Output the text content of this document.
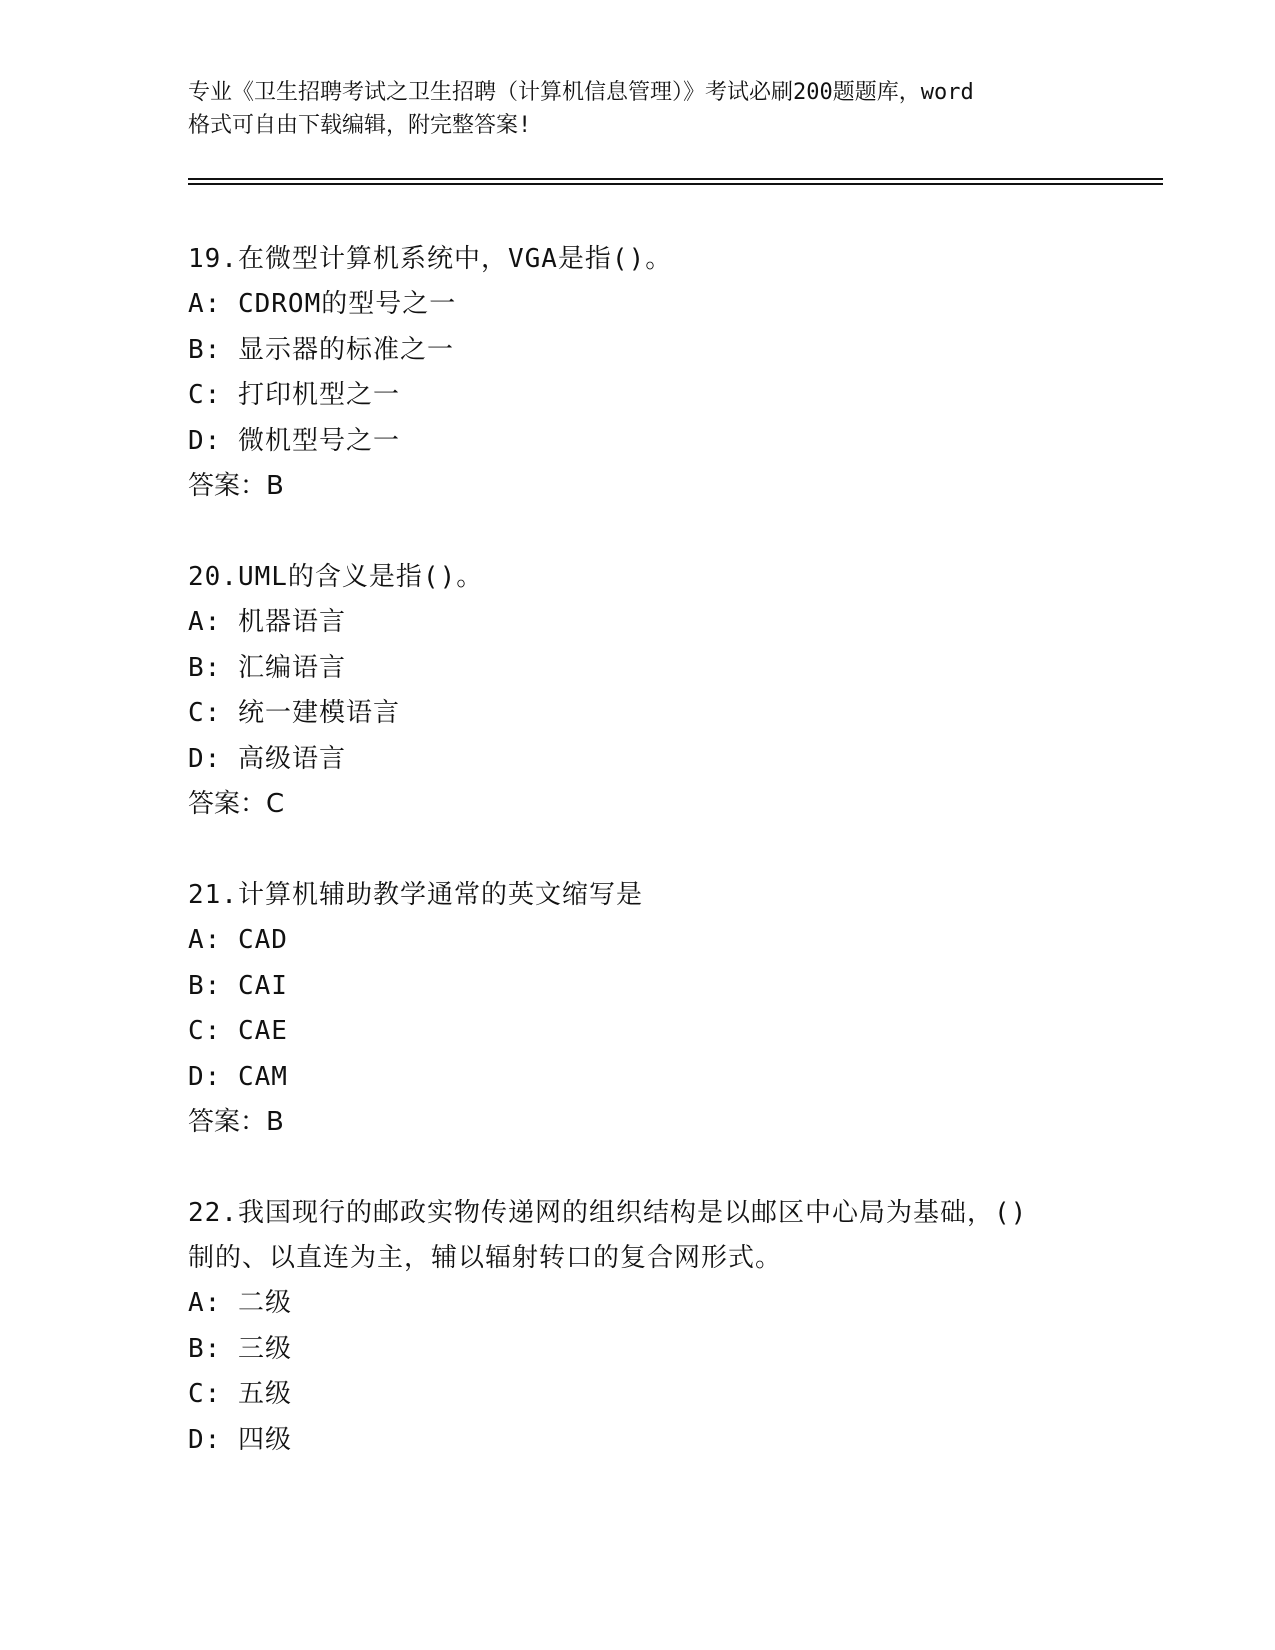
专业《卫生招聘考试之卫生招聘（计算机信息管理）》考试必刷200题题库，word
格式可自由下载编辑，附完整答案!
19.在微型计算机系统中，VGA是指()。
A: CDROM的型号之一
B: 显示器的标准之一
C: 打印机型之一
D: 微机型号之一
答案：B
20.UML的含义是指()。
A: 机器语言
B: 汇编语言
C: 统一建模语言
D: 高级语言
答案：C
21.计算机辅助教学通常的英文缩写是
A: CAD
B: CAI
C: CAE
D: CAM
答案：B
22.我国现行的邮政实物传递网的组织结构是以邮区中心局为基础，()
制的、以直连为主，辅以辐射转口的复合网形式。
A: 二级
B: 三级
C: 五级
D: 四级
